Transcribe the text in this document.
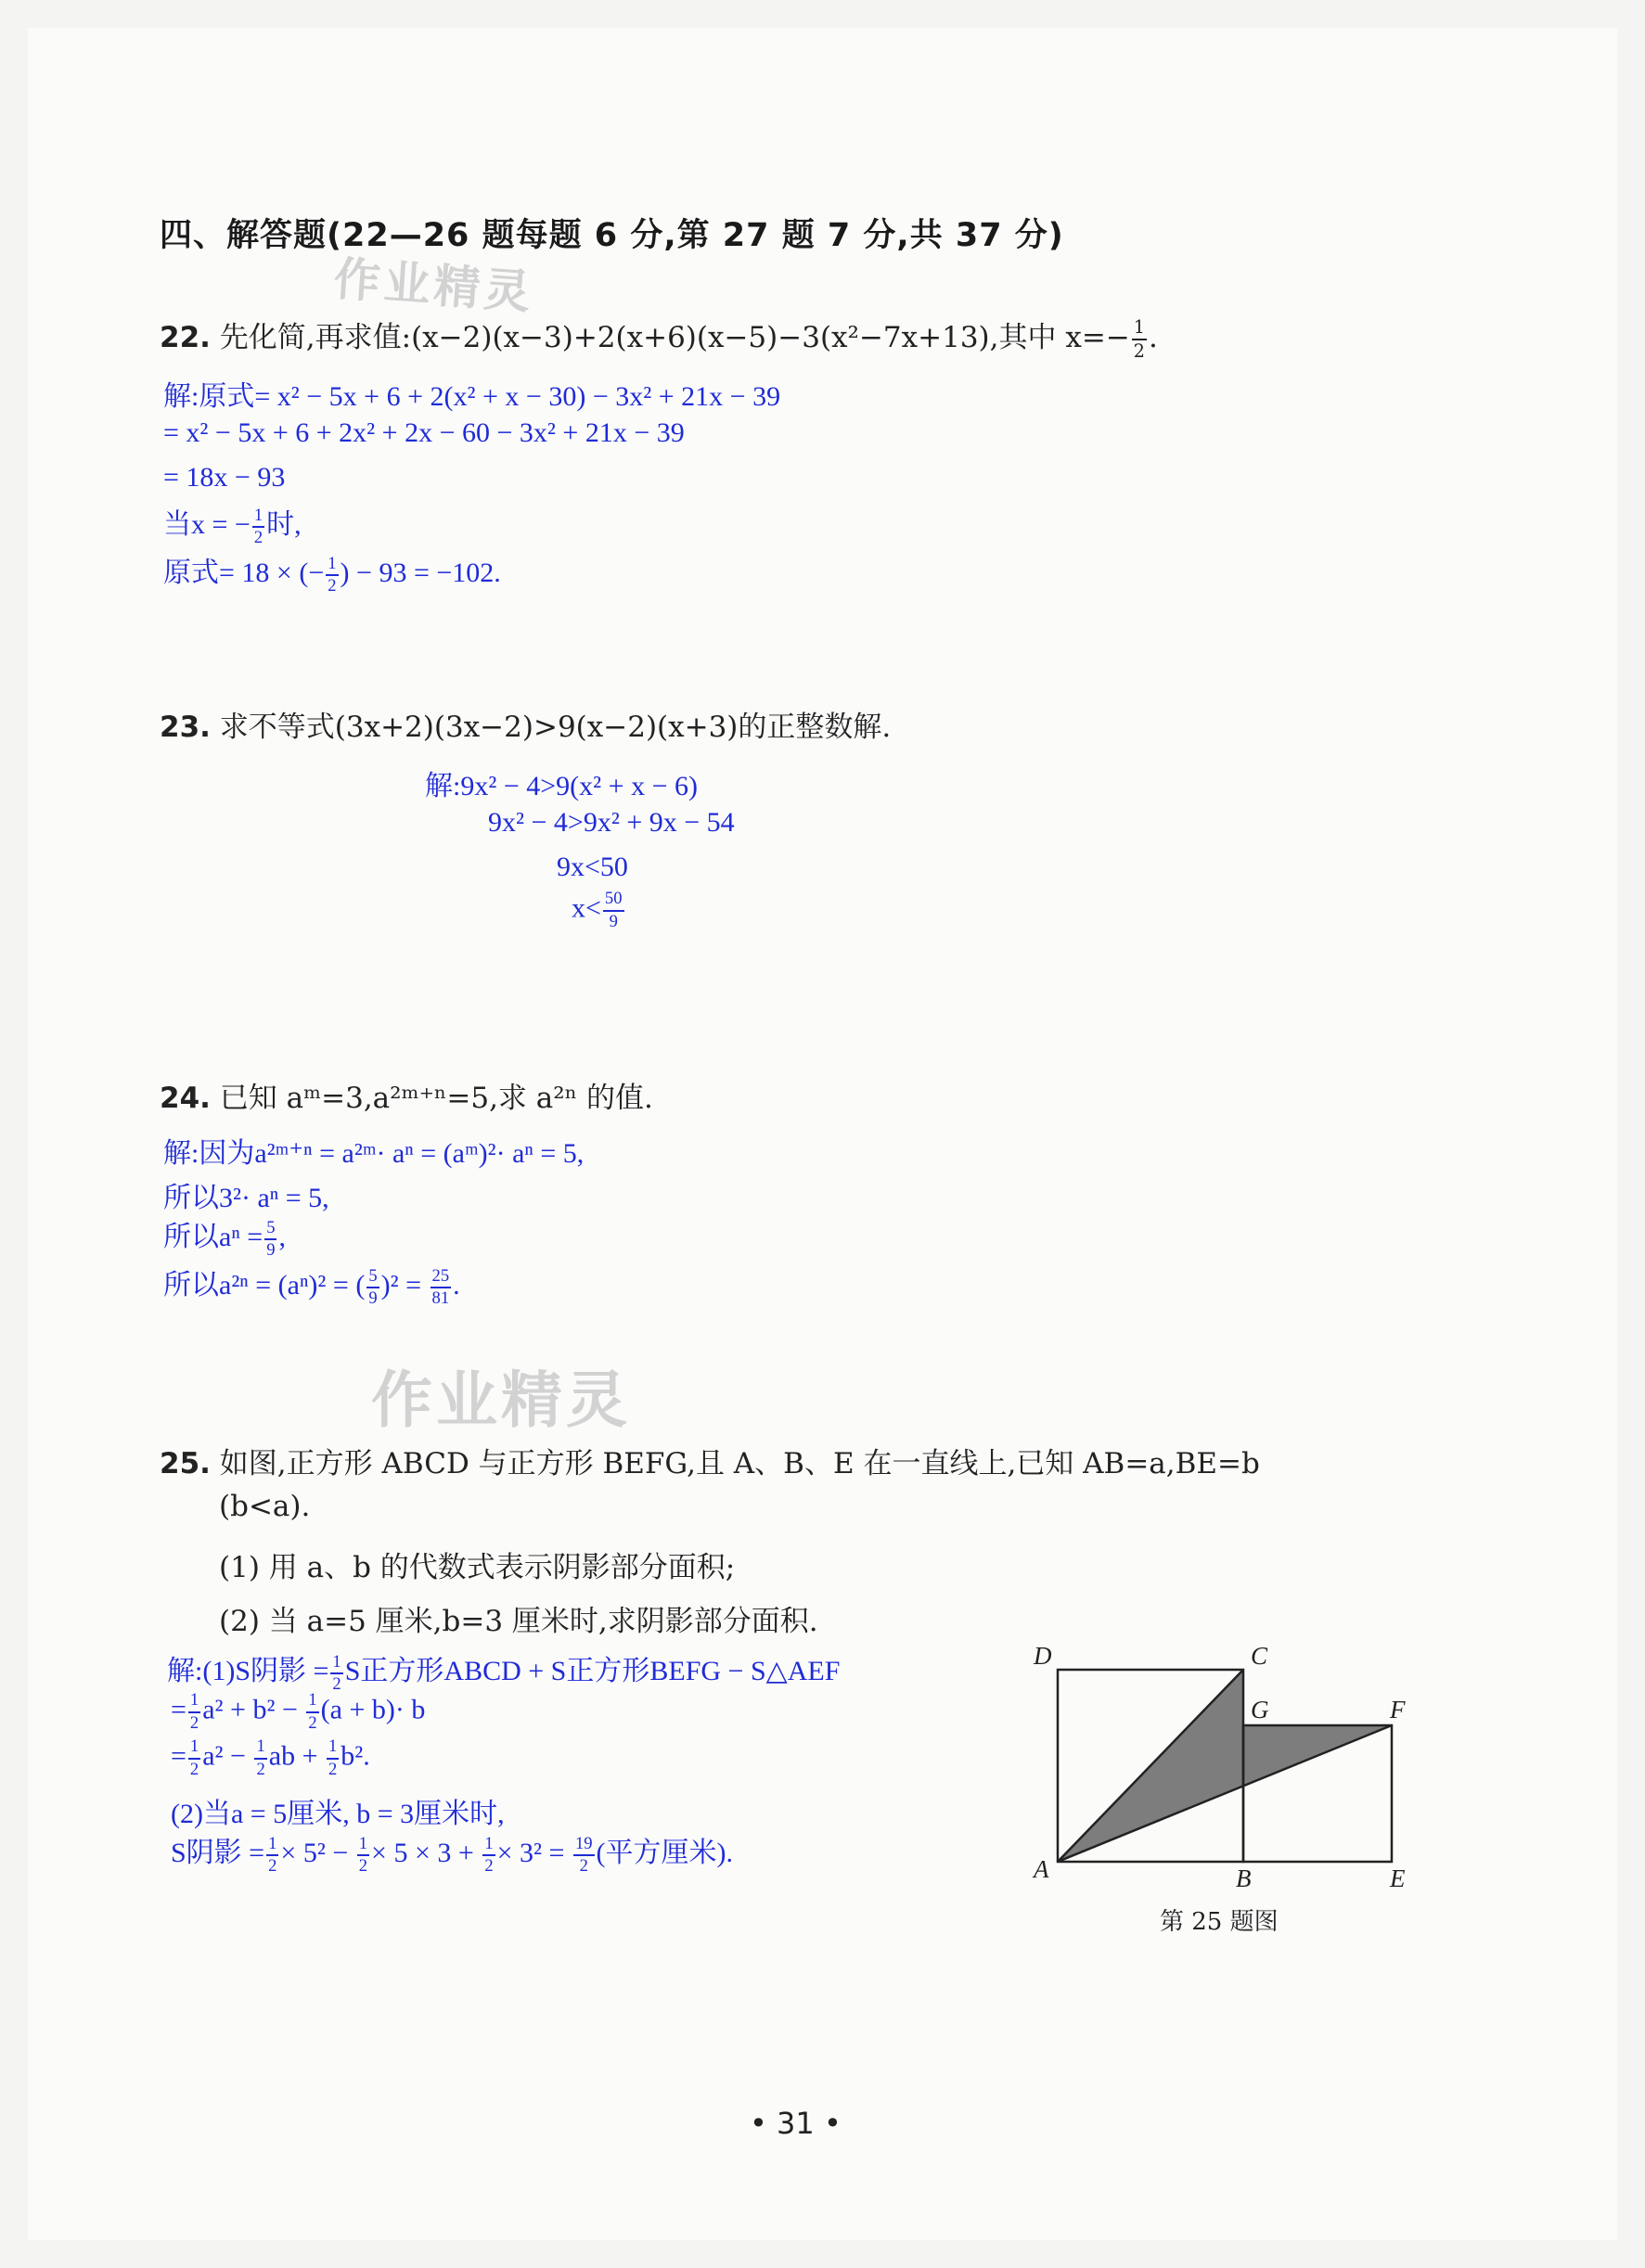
四、解答题(22—26 题每题 6 分,第 27 题 7 分,共 37 分)
作业精灵
22. 先化简,再求值:(x−2)(x−3)+2(x+6)(x−5)−3(x²−7x+13),其中 $x=- \frac{1}{2}$ .
解:原式= x² − 5x + 6 + 2(x² + x − 30) − 3x² + 21x − 39
= x² − 5x + 6 + 2x² + 2x − 60 − 3x² + 21x − 39
= 18x − 93
当x = − $\frac{1}{2}$ 时,
原式= 18 × (− $\frac{1}{2}$ ) − 93 = −102.
23. 求不等式(3x+2)(3x−2)>9(x−2)(x+3)的正整数解.
解:9x² − 4>9(x² + x − 6)
9x² − 4>9x² + 9x − 54
9x<50
$x< \frac{50}{9}$
24. 已知 aᵐ=3,a²ᵐ⁺ⁿ=5,求 a²ⁿ 的值.
解:因为a²ᵐ⁺ⁿ = a²ᵐ· aⁿ = (aᵐ)²· aⁿ = 5,
所以3²· aⁿ = 5,
所以$a^n = \frac{5}{9}$ ,
所以a²ⁿ = (aⁿ)² = ( $\frac{5}{9} )^2 = \frac{25}{81}$ .
作业精灵
25. 如图,正方形 ABCD 与正方形 BEFG,且 A、B、E 在一直线上,已知 AB=a,BE=b
(b<a).
(1) 用 a、b 的代数式表示阴影部分面积;
(2) 当 a=5 厘米,b=3 厘米时,求阴影部分面积.
解:(1)S阴影 = $\frac{1}{2}$ S正方形ABCD + S正方形BEFG − S△AEF
= $\frac{1}{2} a^2 + b^2 - \frac{1}{2} (a + b)\cdot b$
= $\frac{1}{2} a^2 - \frac{1}{2}$ ab + $\frac{1}{2} b^2$.
(2)当a = 5厘米, b = 3厘米时,
S阴影 = $\frac{1}{2} \times 5^2 - \frac{1}{2} \times 5 \times 3 + \frac{1}{2} \times 3^2 = \frac{19}{2}$ (平方厘米).
A	B
C
D
E
F
G
第 25 题图
• 31 •
